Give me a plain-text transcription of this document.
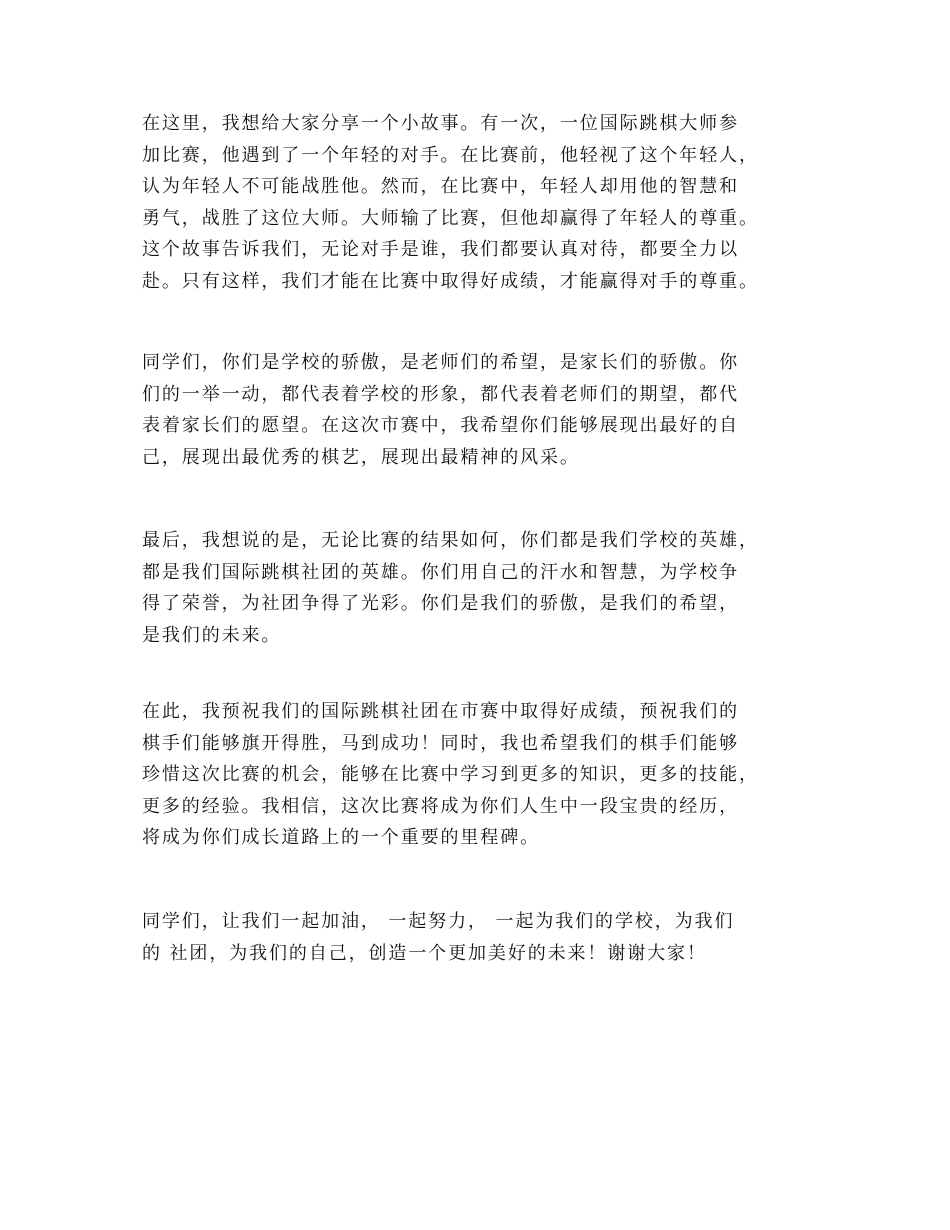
在这里，我想给大家分享一个小故事。有一次，一位国际跳棋大师参
加比赛，他遇到了一个年轻的对手。在比赛前，他轻视了这个年轻人，
认为年轻人不可能战胜他。然而，在比赛中，年轻人却用他的智慧和
勇气，战胜了这位大师。大师输了比赛，但他却赢得了年轻人的尊重。
这个故事告诉我们，无论对手是谁，我们都要认真对待，都要全力以
赴。只有这样，我们才能在比赛中取得好成绩，才能赢得对手的尊重。
同学们，你们是学校的骄傲，是老师们的希望，是家长们的骄傲。你
们的一举一动，都代表着学校的形象，都代表着老师们的期望，都代
表着家长们的愿望。在这次市赛中，我希望你们能够展现出最好的自
己，展现出最优秀的棋艺，展现出最精神的风采。
最后，我想说的是，无论比赛的结果如何，你们都是我们学校的英雄，
都是我们国际跳棋社团的英雄。你们用自己的汗水和智慧，为学校争
得了荣誉，为社团争得了光彩。你们是我们的骄傲，是我们的希望，
是我们的未来。
在此，我预祝我们的国际跳棋社团在市赛中取得好成绩，预祝我们的
棋手们能够旗开得胜，马到成功！同时，我也希望我们的棋手们能够
珍惜这次比赛的机会，能够在比赛中学习到更多的知识，更多的技能，
更多的经验。我相信，这次比赛将成为你们人生中一段宝贵的经历，
将成为你们成长道路上的一个重要的里程碑。
同学们，让我们一起加油， 一起努力， 一起为我们的学校，为我们
的 社团，为我们的自己，创造一个更加美好的未来！谢谢大家！
